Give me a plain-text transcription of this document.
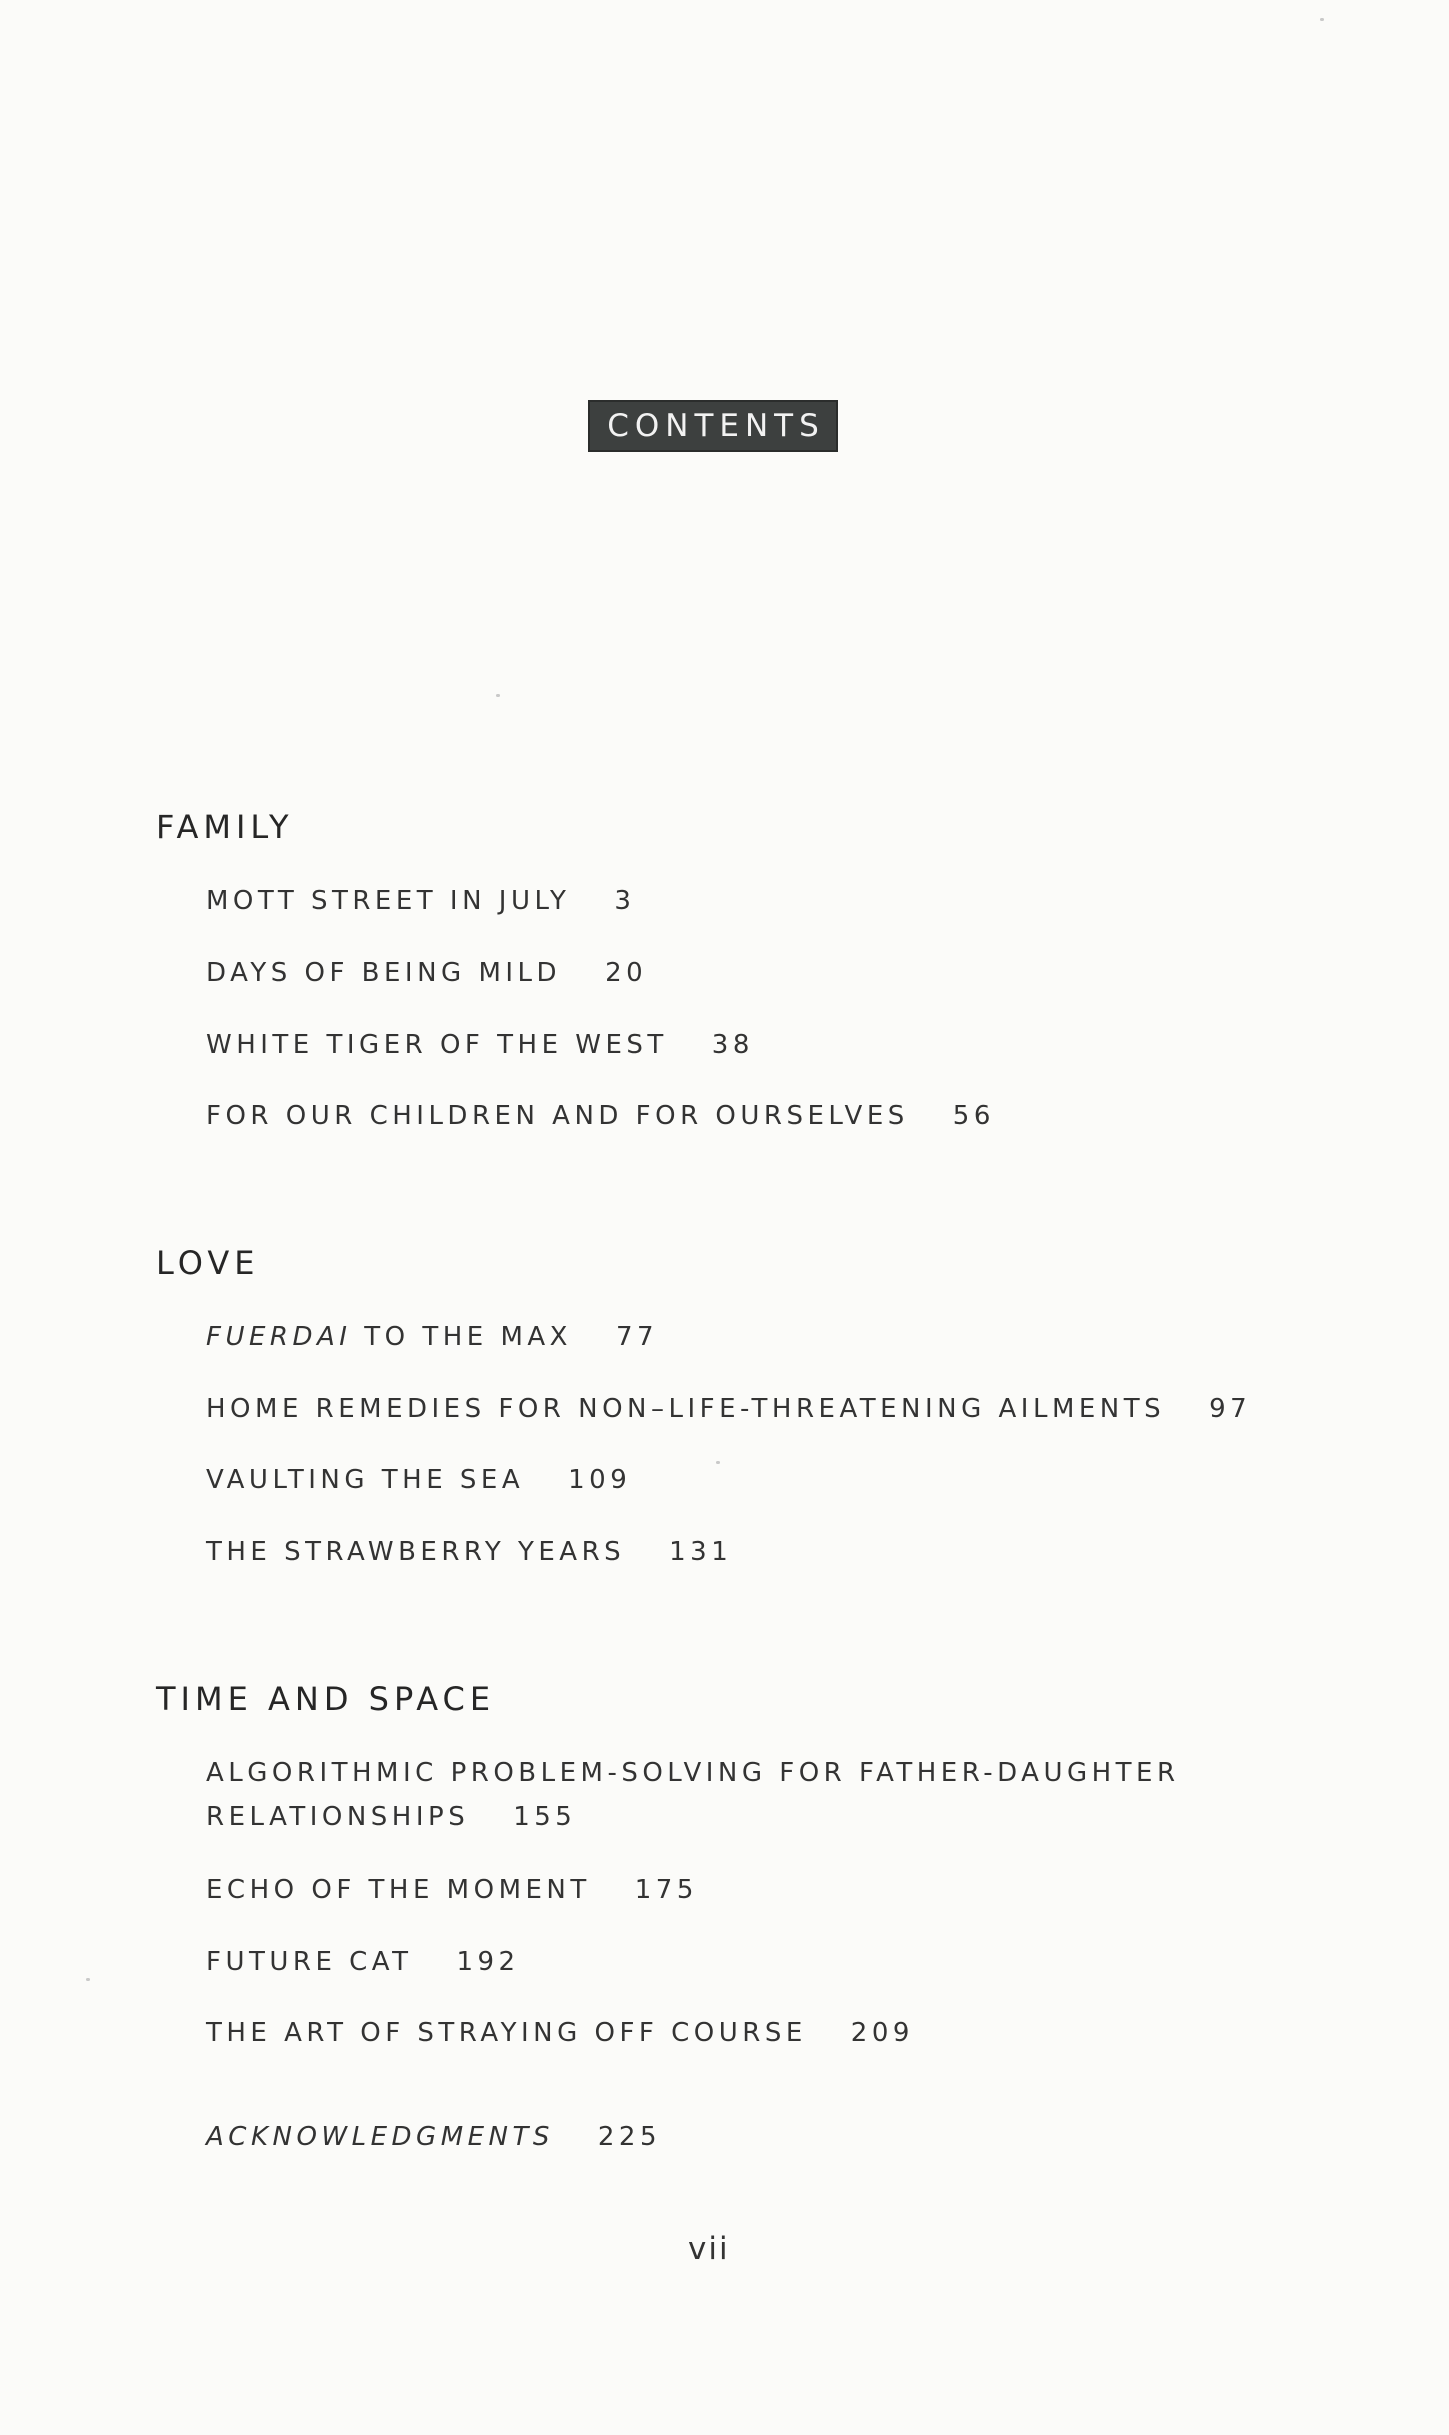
CONTENTS
FAMILY
MOTT STREET IN JULY 3
DAYS OF BEING MILD 20
WHITE TIGER OF THE WEST 38
FOR OUR CHILDREN AND FOR OURSELVES 56
LOVE
FUERDAI TO THE MAX 77
HOME REMEDIES FOR NON–LIFE-THREATENING AILMENTS 97
VAULTING THE SEA 109
THE STRAWBERRY YEARS 131
TIME AND SPACE
ALGORITHMIC PROBLEM-SOLVING FOR FATHER-DAUGHTER
RELATIONSHIPS 155
ECHO OF THE MOMENT 175
FUTURE CAT 192
THE ART OF STRAYING OFF COURSE 209
ACKNOWLEDGMENTS 225
vii
